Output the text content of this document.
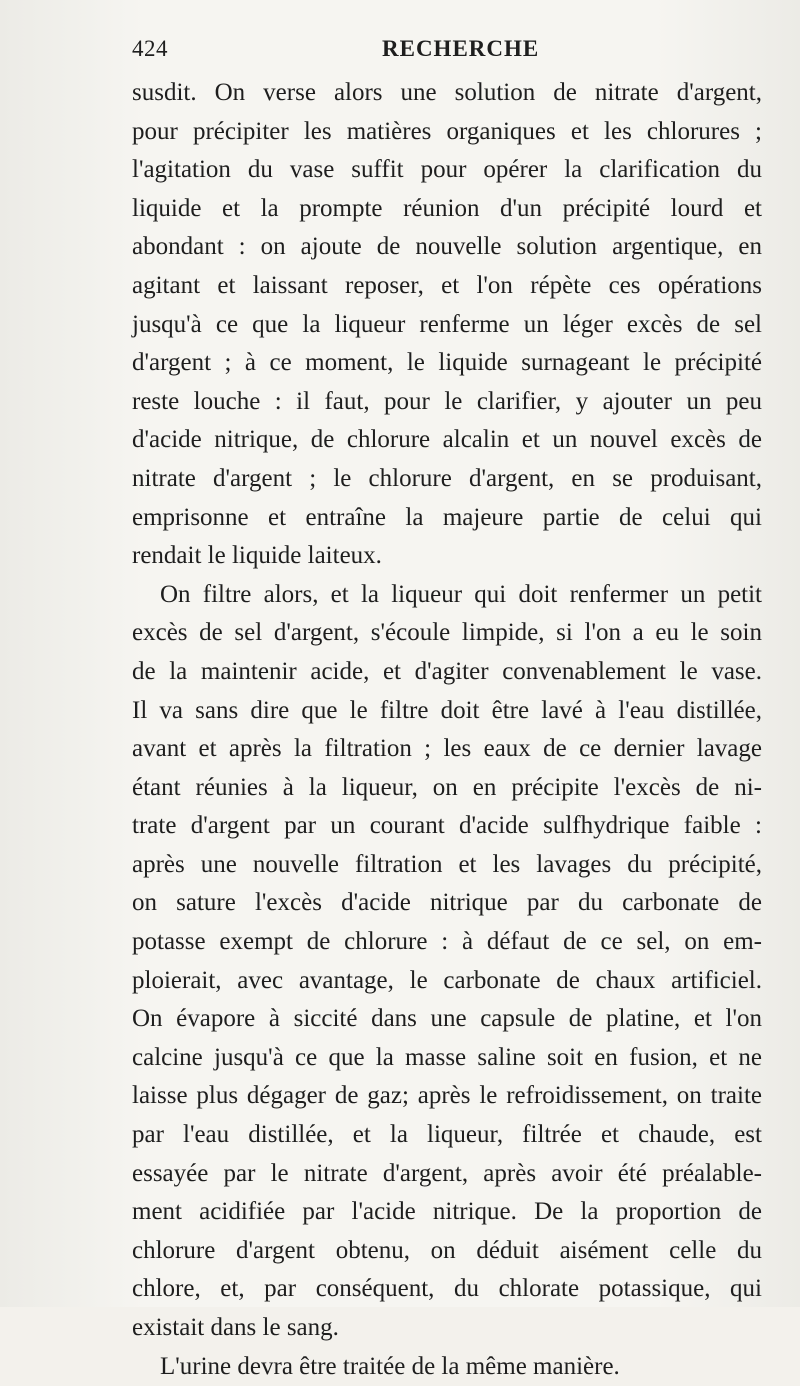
424	RECHERCHE

susdit. On verse alors une solution de nitrate d'argent,
pour précipiter les matières organiques et les chlorures ;
l'agitation du vase suffit pour opérer la clarification du
liquide et la prompte réunion d'un précipité lourd et
abondant : on ajoute de nouvelle solution argentique, en
agitant et laissant reposer, et l'on répète ces opérations
jusqu'à ce que la liqueur renferme un léger excès de sel
d'argent ; à ce moment, le liquide surnageant le précipité
reste louche : il faut, pour le clarifier, y ajouter un peu
d'acide nitrique, de chlorure alcalin et un nouvel excès de
nitrate d'argent ; le chlorure d'argent, en se produisant,
emprisonne et entraîne la majeure partie de celui qui
rendait le liquide laiteux.

On filtre alors, et la liqueur qui doit renfermer un petit
excès de sel d'argent, s'écoule limpide, si l'on a eu le soin
de la maintenir acide, et d'agiter convenablement le vase.
Il va sans dire que le filtre doit être lavé à l'eau distillée,
avant et après la filtration ; les eaux de ce dernier lavage
étant réunies à la liqueur, on en précipite l'excès de ni-
trate d'argent par un courant d'acide sulfhydrique faible :
après une nouvelle filtration et les lavages du précipité,
on sature l'excès d'acide nitrique par du carbonate de
potasse exempt de chlorure : à défaut de ce sel, on em-
ploierait, avec avantage, le carbonate de chaux artificiel.
On évapore à siccité dans une capsule de platine, et l'on
calcine jusqu'à ce que la masse saline soit en fusion, et ne
laisse plus dégager de gaz; après le refroidissement, on traite
par l'eau distillée, et la liqueur, filtrée et chaude, est
essayée par le nitrate d'argent, après avoir été préalable-
ment acidifiée par l'acide nitrique. De la proportion de
chlorure d'argent obtenu, on déduit aisément celle du
chlore, et, par conséquent, du chlorate potassique, qui
existait dans le sang.

L'urine devra être traitée de la même manière.
